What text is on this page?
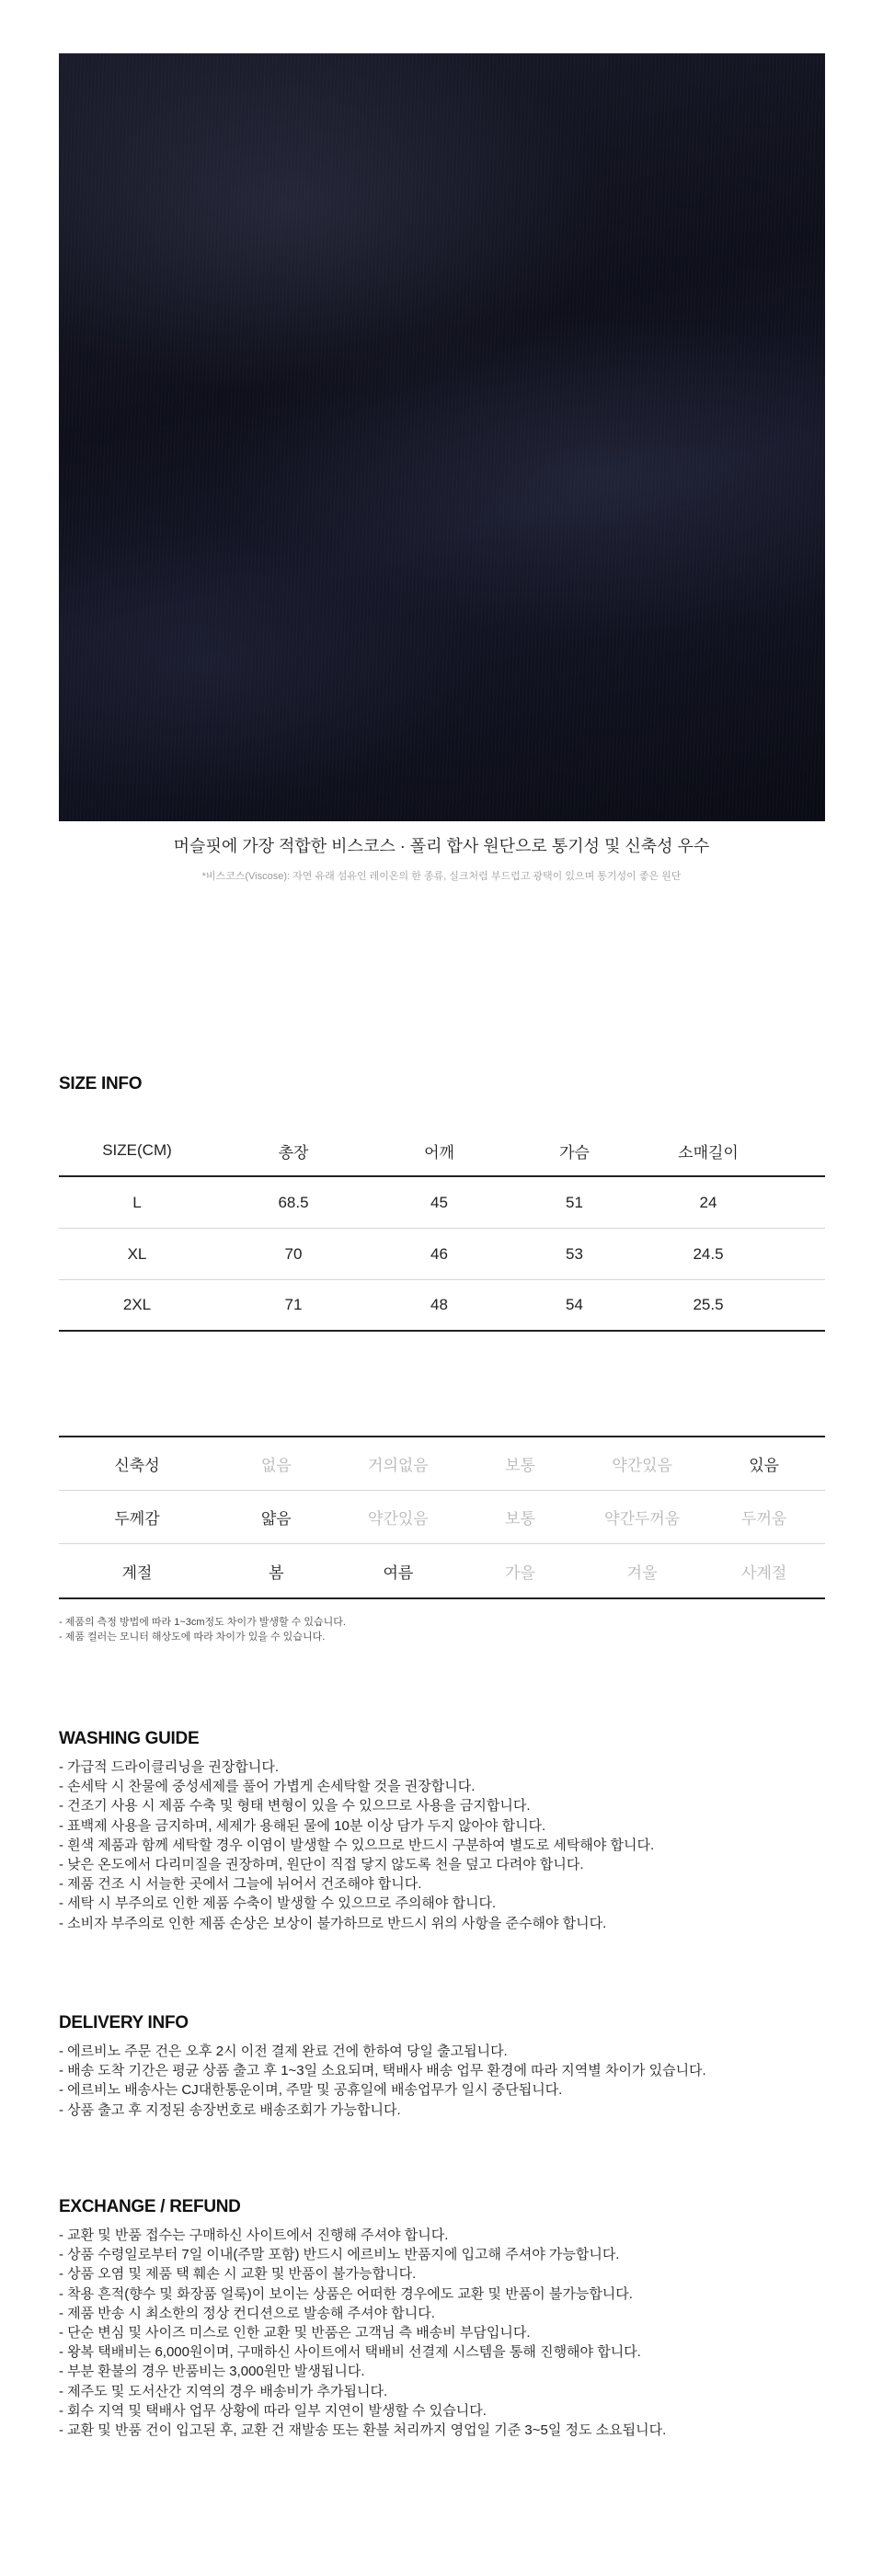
머슬핏에 가장 적합한 비스코스 · 폴리 합사 원단으로 통기성 및 신축성 우수
*비스코스(Viscose): 자연 유래 섬유인 레이온의 한 종류, 실크처럼 부드럽고 광택이 있으며 통기성이 좋은 원단
SIZE INFO
SIZE(CM)	총장	어깨	가슴	소매길이
L	68.5	45	51	24
XL	70	46	53	24.5
2XL	71	48	54	25.5
신축성	없음	거의없음	보통	약간있음	있음
두께감	얇음	약간있음	보통	약간두꺼움	두꺼움
계절	봄	여름	가을	겨울	사계절
- 제품의 측정 방법에 따라 1~3cm정도 차이가 발생할 수 있습니다.
- 제품 컬러는 모니터 해상도에 따라 차이가 있을 수 있습니다.
WASHING GUIDE
- 가급적 드라이클리닝을 권장합니다.
- 손세탁 시 찬물에 중성세제를 풀어 가볍게 손세탁할 것을 권장합니다.
- 건조기 사용 시 제품 수축 및 형태 변형이 있을 수 있으므로 사용을 금지합니다.
- 표백제 사용을 금지하며, 세제가 용해된 물에 10분 이상 담가 두지 않아야 합니다.
- 흰색 제품과 함께 세탁할 경우 이염이 발생할 수 있으므로 반드시 구분하여 별도로 세탁해야 합니다.
- 낮은 온도에서 다리미질을 권장하며, 원단이 직접 닿지 않도록 천을 덮고 다려야 합니다.
- 제품 건조 시 서늘한 곳에서 그늘에 뉘어서 건조해야 합니다.
- 세탁 시 부주의로 인한 제품 수축이 발생할 수 있으므로 주의해야 합니다.
- 소비자 부주의로 인한 제품 손상은 보상이 불가하므로 반드시 위의 사항을 준수해야 합니다.
DELIVERY INFO
- 에르비노 주문 건은 오후 2시 이전 결제 완료 건에 한하여 당일 출고됩니다.
- 배송 도착 기간은 평균 상품 출고 후 1~3일 소요되며, 택배사 배송 업무 환경에 따라 지역별 차이가 있습니다.
- 에르비노 배송사는 CJ대한통운이며, 주말 및 공휴일에 배송업무가 일시 중단됩니다.
- 상품 출고 후 지정된 송장번호로 배송조회가 가능합니다.
EXCHANGE / REFUND
- 교환 및 반품 접수는 구매하신 사이트에서 진행해 주셔야 합니다.
- 상품 수령일로부터 7일 이내(주말 포함) 반드시 에르비노 반품지에 입고해 주셔야 가능합니다.
- 상품 오염 및 제품 택 훼손 시 교환 및 반품이 불가능합니다.
- 착용 흔적(향수 및 화장품 얼룩)이 보이는 상품은 어떠한 경우에도 교환 및 반품이 불가능합니다.
- 제품 반송 시 최소한의 정상 컨디션으로 발송해 주셔야 합니다.
- 단순 변심 및 사이즈 미스로 인한 교환 및 반품은 고객님 측 배송비 부담입니다.
- 왕복 택배비는 6,000원이며, 구매하신 사이트에서 택배비 선결제 시스템을 통해 진행해야 합니다.
- 부분 환불의 경우 반품비는 3,000원만 발생됩니다.
- 제주도 및 도서산간 지역의 경우 배송비가 추가됩니다.
- 회수 지역 및 택배사 업무 상황에 따라 일부 지연이 발생할 수 있습니다.
- 교환 및 반품 건이 입고된 후, 교환 건 재발송 또는 환불 처리까지 영업일 기준 3~5일 정도 소요됩니다.
